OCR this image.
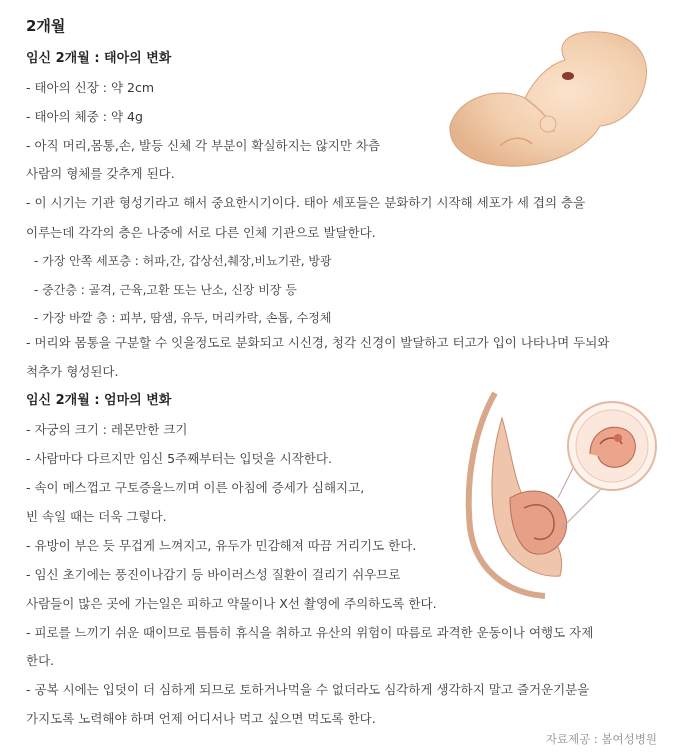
2개월
임신 2개월 : 태아의 변화

- 태아의 신장 : 약 2cm

- 태아의 체중 : 약 4g

- 아직 머리,몸통,손, 발등 신체 각 부분이 확실하지는 않지만 차츰

사람의 형체를 갖추게 된다.

- 이 시기는 기관 형성기라고 해서 중요한시기이다. 태아 세포들은 분화하기 시작해 세포가 세 겹의 층을

이루는데 각각의 층은 나중에 서로 다른 인체 기관으로 발달한다.

- 가장 안쪽 세포층 : 허파,간, 갑상선,췌장,비뇨기관, 방광

- 중간층 : 골격, 근육,고환 또는 난소, 신장 비장 등

- 가장 바깥 층 : 피부, 땀샘, 유두, 머리카락, 손톱, 수정체

- 머리와 몸통을 구분할 수 잇을정도로 분화되고 시신경, 청각 신경이 발달하고 터고가 입이 나타나며 두뇌와

척추가 형성된다.

임신 2개월 : 엄마의 변화

- 자궁의 크기 : 레몬만한 크기

- 사람마다 다르지만 임신 5주째부터는 입덧을 시작한다.

- 속이 메스껍고 구토증을느끼며 이른 아침에 증세가 심해지고,

빈 속일 때는 더욱 그렇다.

- 유방이 부은 듯 무겁게 느껴지고, 유두가 민감해져 따끔 거리기도 한다.

- 임신 초기에는 풍진이나감기 등 바이러스성 질환이 걸리기 쉬우므로

사람들이 많은 곳에 가는일은 피하고 약물이나 X선 촬영에 주의하도록 한다.

- 피로를 느끼기 쉬운 때이므로 틈틈히 휴식을 취하고 유산의 위험이 따름로 과격한 운동이나 여행도 자제

한다.

- 공복 시에는 입덧이 더 심하게 되므로 토하거나먹을 수 없더라도 심각하게 생각하지 말고 즐거운기분을

가지도록 노력해야 하며 언제 어디서나 먹고 싶으면 먹도록 한다.

자료제공 : 봄여성병원
